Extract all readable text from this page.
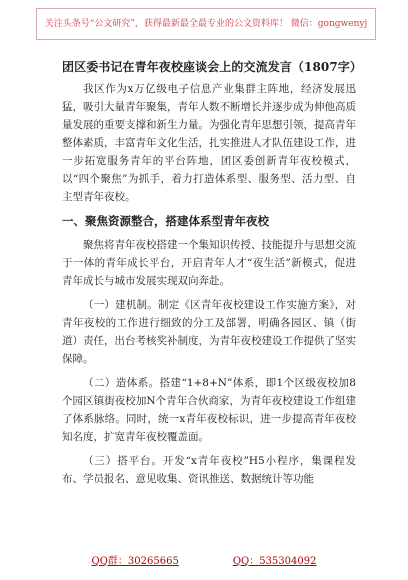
关注头条号“公文研究”，获得最新最全最专业的公文资料库！ 微信：gongwenyj
团区委书记在青年夜校座谈会上的交流发言（1807字）

我区作为x万亿级电子信息产业集群主阵地，经济发展迅猛，吸引大量青年聚集，青年人数不断增长并逐步成为伸他高质量发展的重要支撑和新生力量。为强化青年思想引领，提高青年整体素质，丰富青年文化生活，扎实推进人才队伍建设工作，进一步拓宽服务青年的平台阵地，团区委创新青年夜校模式，以“四个聚焦”为抓手，着力打造体系型、服务型、活力型、自主型青年夜校。

一、聚焦资源整合，搭建体系型青年夜校

聚焦将青年夜校搭建一个集知识传授、技能提升与思想交流于一体的青年成长平台，开启青年人才“夜生活”新模式，促进青年成长与城市发展实现双向奔赴。

（一）建机制。制定《区青年夜校建设工作实施方案》，对青年夜校的工作进行细致的分工及部署，明确各园区、镇（街道）责任，出台考核奖补制度，为青年夜校建设工作提供了坚实保障。

（二）造体系。搭建“1+8+N”体系，即1个区级夜校加8个园区镇街夜校加N个青年合伙商家，为青年夜校建设工作组建了体系脉络。同时，统一x青年夜校标识，进一步提高青年夜校知名度，扩宽青年夜校覆盖面。

（三）搭平台。开发“x青年夜校”H5小程序，集课程发布、学员报名、意见收集、资讯推送、数据统计等功能

QQ群：30265665	QQ：535304092
